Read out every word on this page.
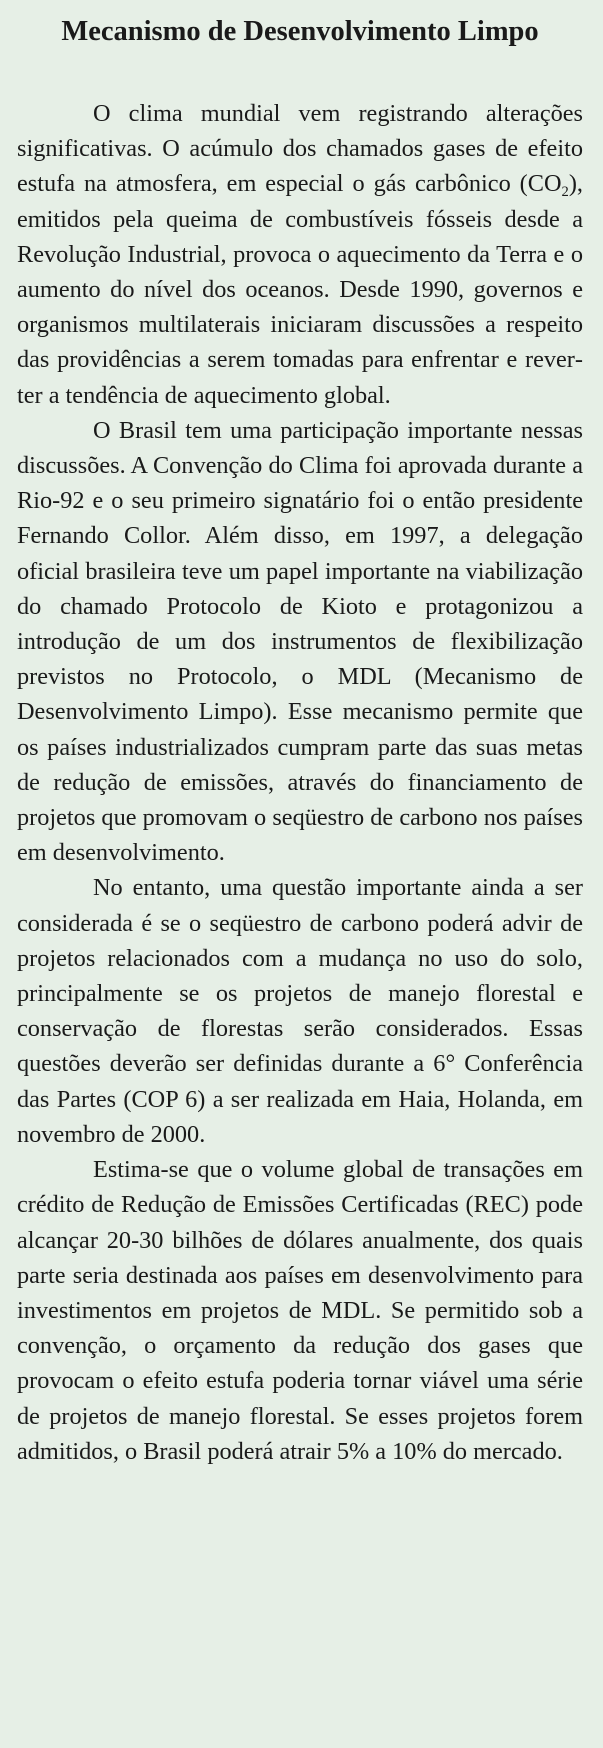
Mecanismo de Desenvolvimento Limpo

O clima mundial vem registrando alterações significativas. O acúmulo dos chamados gases de efeito estufa na atmosfera, em especial o gás carbônico $(CO_2)$, emitidos pela queima de combustíveis fósseis desde a Revolução Industrial, provoca o aquecimento da Terra e o aumento do nível dos oceanos. Desde 1990, governos e organismos multilaterais iniciaram discussões a respeito das providências a serem tomadas para enfrentar e reverter a tendência de aquecimento global.

O Brasil tem uma participação importante nessas discussões. A Convenção do Clima foi aprovada durante a Rio-92 e o seu primeiro signatário foi o então presidente Fernando Collor. Além disso, em 1997, a delegação oficial brasileira teve um papel importante na viabilização do chamado Protocolo de Kioto e protagonizou a introdução de um dos instrumentos de flexibilização previstos no Protocolo, o MDL (Mecanismo de Desenvolvimento Limpo). Esse mecanismo permite que os países industrializados cumpram parte das suas metas de redução de emissões, através do financiamento de projetos que promovam o seqüestro de carbono nos países em desenvolvimento.

No entanto, uma questão importante ainda a ser considerada é se o seqüestro de carbono poderá advir de projetos relacionados com a mudança no uso do solo, principalmente se os projetos de manejo florestal e conservação de florestas serão considerados. Essas questões deverão ser definidas durante a 6° Conferência das Partes (COP 6) a ser realizada em Haia, Holanda, em novembro de 2000.

Estima-se que o volume global de transações em crédito de Redução de Emissões Certificadas (REC) pode alcançar 20-30 bilhões de dólares anualmente, dos quais parte seria destinada aos países em desenvolvimento para investimentos em projetos de MDL. Se permitido sob a convenção, o orçamento da redução dos gases que provocam o efeito estufa poderia tornar viável uma série de projetos de manejo florestal. Se esses projetos forem admitidos, o Brasil poderá atrair 5% a 10% do mercado.
